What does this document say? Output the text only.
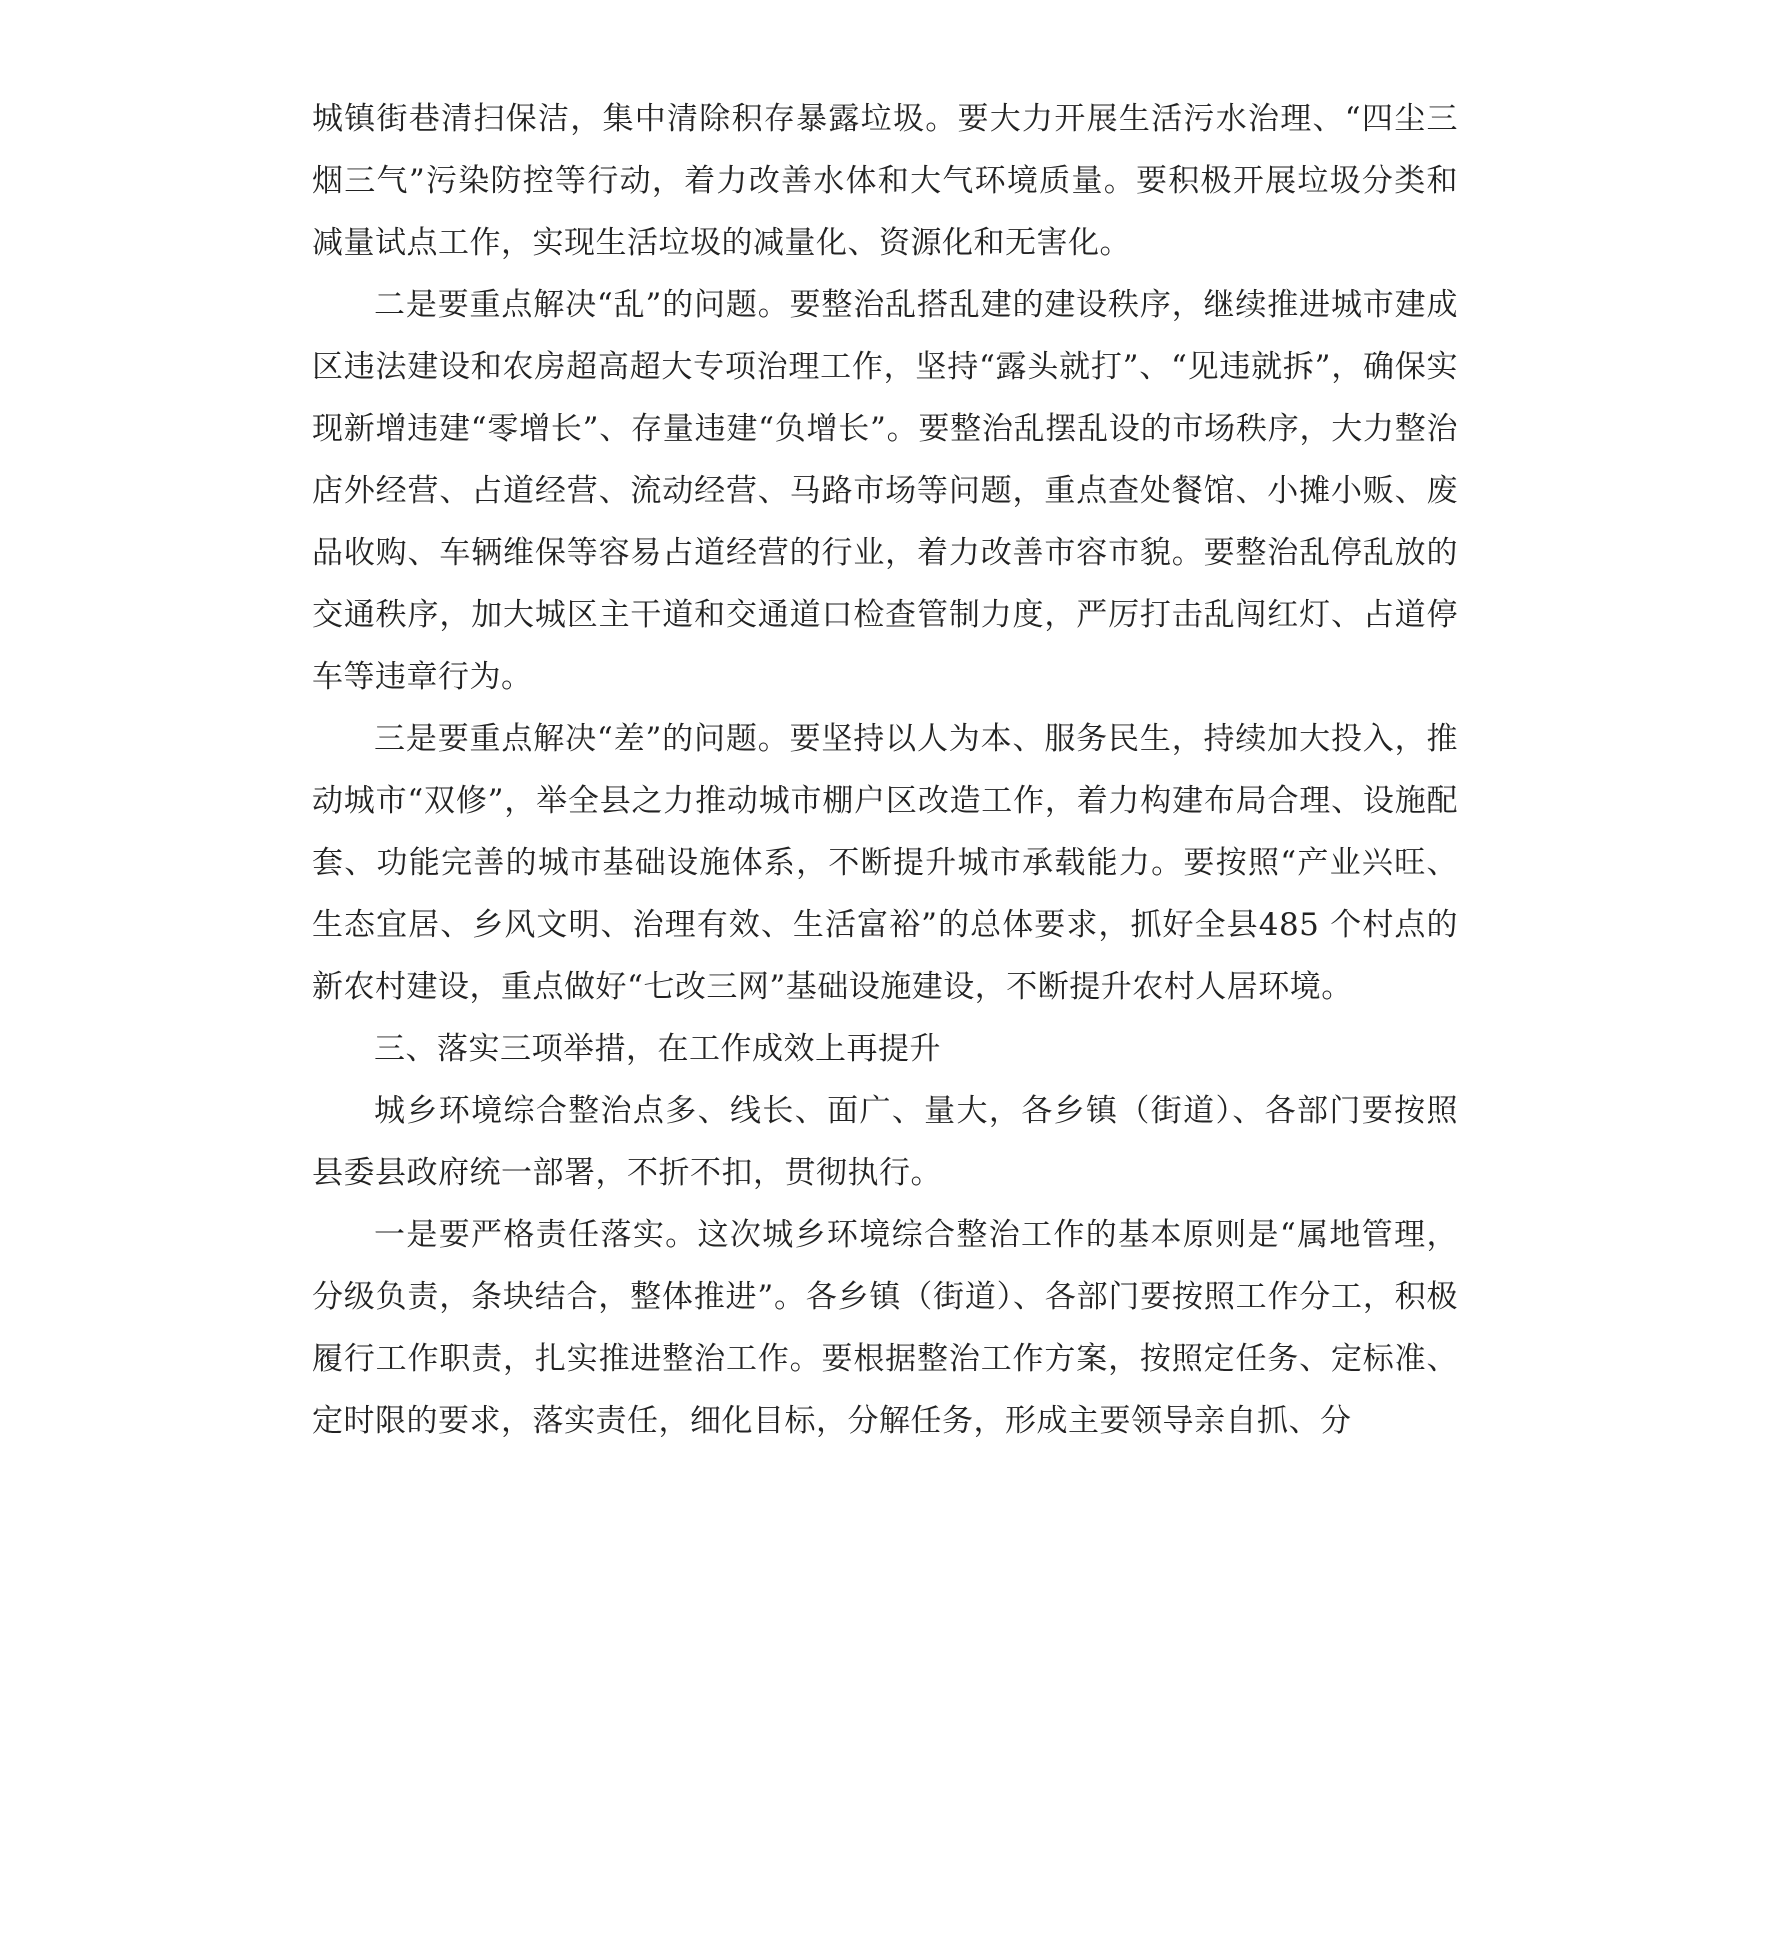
城镇街巷清扫保洁，集中清除积存暴露垃圾。要大力开展生活污水治理、“四尘三烟三气”污染防控等行动，着力改善水体和大气环境质量。要积极开展垃圾分类和减量试点工作，实现生活垃圾的减量化、资源化和无害化。

二是要重点解决“乱”的问题。要整治乱搭乱建的建设秩序，继续推进城市建成区违法建设和农房超高超大专项治理工作，坚持“露头就打”、“见违就拆”，确保实现新增违建“零增长”、存量违建“负增长”。要整治乱摆乱设的市场秩序，大力整治店外经营、占道经营、流动经营、马路市场等问题，重点查处餐馆、小摊小贩、废品收购、车辆维保等容易占道经营的行业，着力改善市容市貌。要整治乱停乱放的交通秩序，加大城区主干道和交通道口检查管制力度，严厉打击乱闯红灯、占道停车等违章行为。

三是要重点解决“差”的问题。要坚持以人为本、服务民生，持续加大投入，推动城市“双修”，举全县之力推动城市棚户区改造工作，着力构建布局合理、设施配套、功能完善的城市基础设施体系，不断提升城市承载能力。要按照“产业兴旺、生态宜居、乡风文明、治理有效、生活富裕”的总体要求，抓好全县485 个村点的新农村建设，重点做好“七改三网”基础设施建设，不断提升农村人居环境。

三、落实三项举措，在工作成效上再提升

城乡环境综合整治点多、线长、面广、量大，各乡镇（街道）、各部门要按照县委县政府统一部署，不折不扣，贯彻执行。

一是要严格责任落实。这次城乡环境综合整治工作的基本原则是“属地管理，分级负责，条块结合，整体推进”。各乡镇（街道）、各部门要按照工作分工，积极履行工作职责，扎实推进整治工作。要根据整治工作方案，按照定任务、定标准、定时限的要求，落实责任，细化目标，分解任务，形成主要领导亲自抓、分
